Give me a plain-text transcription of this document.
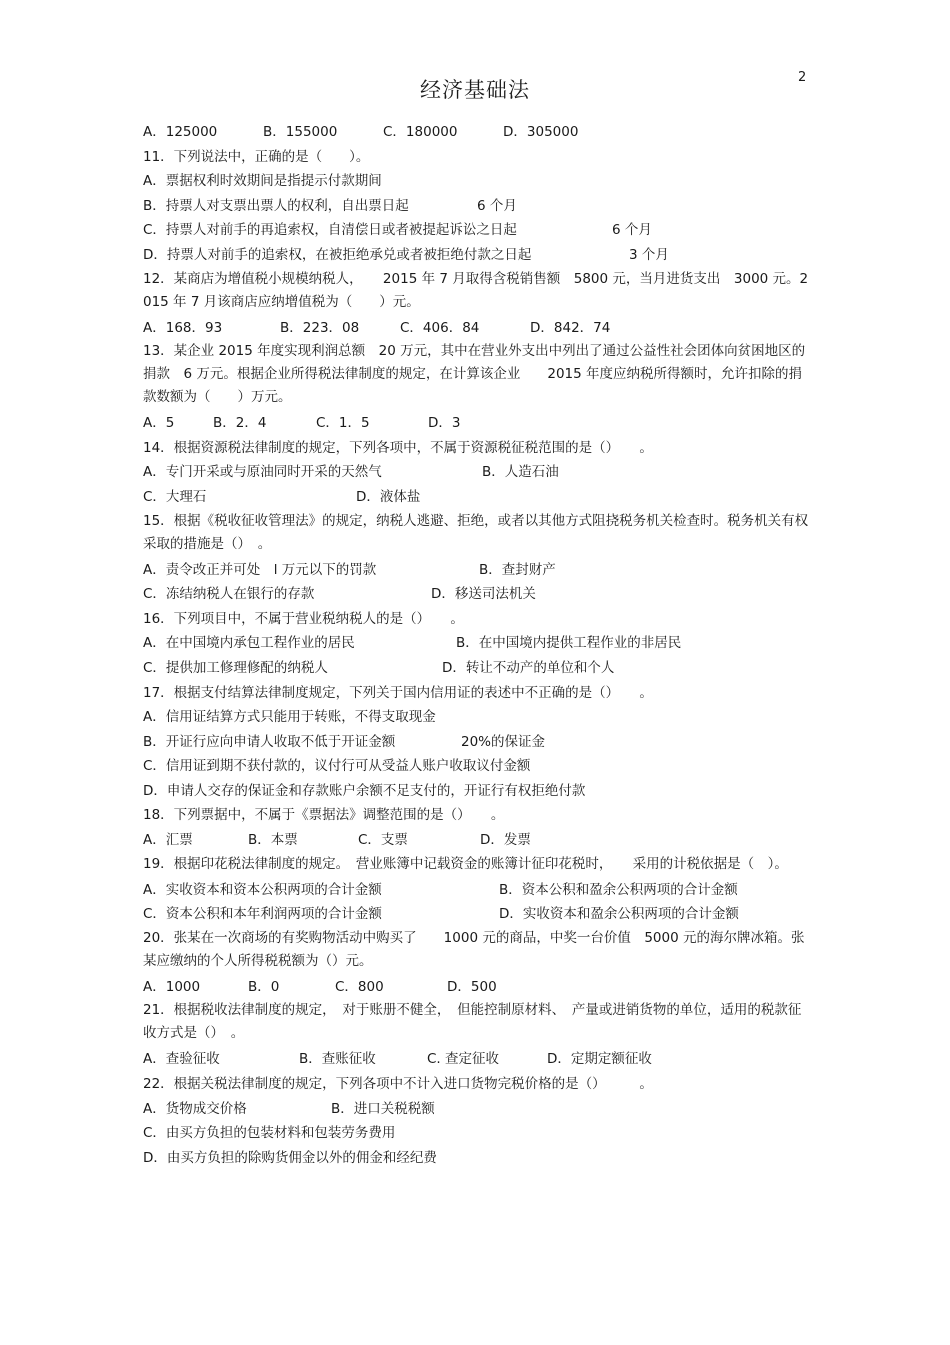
经济基础法
2
A．125000	B．155000	C．180000	D．305000
11．下列说法中，正确的是（　　）。
A．票据权利时效期间是指提示付款期间
B．持票人对支票出票人的权利，自出票日起	6 个月
C．持票人对前手的再追索权，自清偿日或者被提起诉讼之日起	6 个月
D．持票人对前手的追索权，在被拒绝承兑或者被拒绝付款之日起	3 个月
12．某商店为增值税小规模纳税人，　　2015 年 7 月取得含税销售额　5800 元，当月进货支出　3000 元。2015 年 7 月该商店应纳增值税为（　　）元。
A．168．93	B．223．08	C．406．84	D．842．74
13．某企业 2015 年度实现利润总额　20 万元，其中在营业外支出中列出了通过公益性社会团体向贫困地区的捐款　6 万元。根据企业所得税法律制度的规定，在计算该企业　　2015 年度应纳税所得额时，允许扣除的捐款数额为（　　）万元。
A．5	B．2．4	C．1．5	D．3
14．根据资源税法律制度的规定，下列各项中，不属于资源税征税范围的是（）　　。
A．专门开采或与原油同时开采的天然气	B．人造石油
C．大理石	D．液体盐
15．根据《税收征收管理法》的规定，纳税人逃避、拒绝，或者以其他方式阻挠税务机关检查时。税务机关有权采取的措施是（）　。
A．责令改正并可处　l 万元以下的罚款	B．查封财产
C．冻结纳税人在银行的存款	D．移送司法机关
16．下列项目中，不属于营业税纳税人的是（）　　。
A．在中国境内承包工程作业的居民	B．在中国境内提供工程作业的非居民
C．提供加工修理修配的纳税人	D．转让不动产的单位和个人
17．根据支付结算法律制度规定，下列关于国内信用证的表述中不正确的是（）　　。
A．信用证结算方式只能用于转账，不得支取现金
B．开证行应向申请人收取不低于开证金额	20%的保证金
C．信用证到期不获付款的，议付行可从受益人账户收取议付金额
D．申请人交存的保证金和存款账户余额不足支付的，开证行有权拒绝付款
18．下列票据中，不属于《票据法》调整范围的是（）　　。
A．汇票	B．本票	C．支票	D．发票
19．根据印花税法律制度的规定。　营业账簿中记载资金的账簿计征印花税时，　　采用的计税依据是（　）。
A．实收资本和资本公积两项的合计金额	B．资本公积和盈余公积两项的合计金额
C．资本公积和本年利润两项的合计金额	D．实收资本和盈余公积两项的合计金额
20．张某在一次商场的有奖购物活动中购买了　　1000 元的商品，中奖一台价值　5000 元的海尔牌冰箱。张某应缴纳的个人所得税税额为（）元。
A．1000	B．0	C．800	D．500
21．根据税收法律制度的规定，　对于账册不健全，　但能控制原材料、　产量或进销货物的单位，适用的税款征收方式是（）　。
A．查验征收	B．查账征收	C. 查定征收	D．定期定额征收
22．根据关税法律制度的规定，下列各项中不计入进口货物完税价格的是（）　　　。
A．货物成交价格	B．进口关税税额
C．由买方负担的包装材料和包装劳务费用
D．由买方负担的除购货佣金以外的佣金和经纪费
